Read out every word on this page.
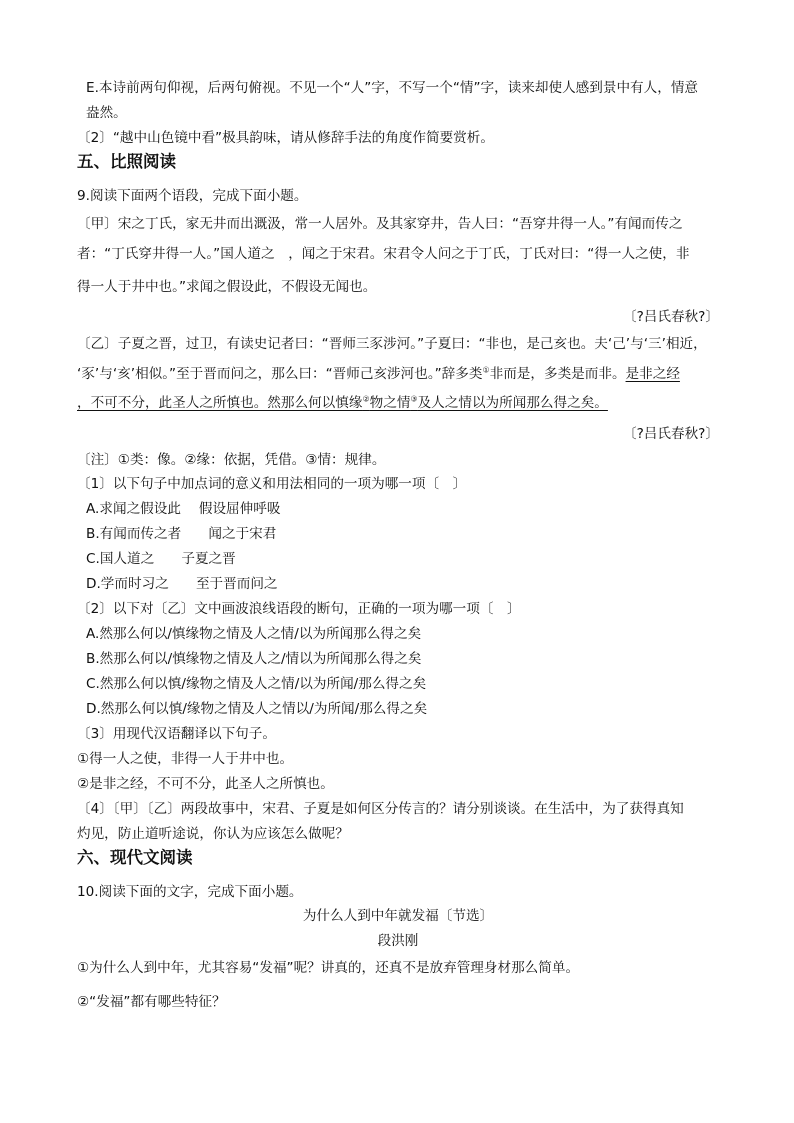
E.本诗前两句仰视，后两句俯视。不见一个“人”字，不写一个“情”字，读来却使人感到景中有人，情意
盎然。
〔2〕“越中山色镜中看”极具韵味，请从修辞手法的角度作简要赏析。
五、比照阅读
9.阅读下面两个语段，完成下面小题。
〔甲〕宋之丁氏，家无井而出溉汲，常一人居外。及其家穿井，告人曰：“吾穿井得一人。”有闻而传之
者：“丁氏穿井得一人。”国人道之　，闻之于宋君。宋君令人问之于丁氏，丁氏对曰：“得一人之使，非
得一人于井中也。”求闻之假设此，不假设无闻也。
〔?吕氏春秋?〕
〔乙〕子夏之晋，过卫，有读史记者曰：“晋师三豕涉河。”子夏曰：“非也，是己亥也。夫‘己’与‘三’相近，
‘豕’与‘亥’相似。”至于晋而问之，那么曰：“晋师己亥涉河也。”辞多类①非而是，多类是而非。是非之经
，不可不分，此圣人之所慎也。然那么何以慎缘②物之情③及人之情以为所闻那么得之矣。
〔?吕氏春秋?〕
〔注〕①类：像。②缘：依据，凭借。③情：规律。
〔1〕以下句子中加点词的意义和用法相同的一项为哪一项〔　〕
A.求闻之假设此　 假设屈伸呼吸
B.有闻而传之者　　闻之于宋君
C.国人道之　　子夏之晋
D.学而时习之　　至于晋而问之
〔2〕以下对〔乙〕文中画波浪线语段的断句，正确的一项为哪一项〔　〕
A.然那么何以/慎缘物之情及人之情/以为所闻那么得之矣
B.然那么何以/慎缘物之情及人之/情以为所闻那么得之矣
C.然那么何以慎/缘物之情及人之情/以为所闻/那么得之矣
D.然那么何以慎/缘物之情及人之情以/为所闻/那么得之矣
〔3〕用现代汉语翻译以下句子。
①得一人之使，非得一人于井中也。
②是非之经，不可不分，此圣人之所慎也。
〔4〕〔甲〕〔乙〕两段故事中，宋君、子夏是如何区分传言的？请分别谈谈。在生活中，为了获得真知
灼见，防止道听途说，你认为应该怎么做呢？
六、现代文阅读
10.阅读下面的文字，完成下面小题。
为什么人到中年就发福〔节选〕
段洪刚
①为什么人到中年，尤其容易“发福”呢？讲真的，还真不是放弃管理身材那么简单。
②“发福”都有哪些特征？
